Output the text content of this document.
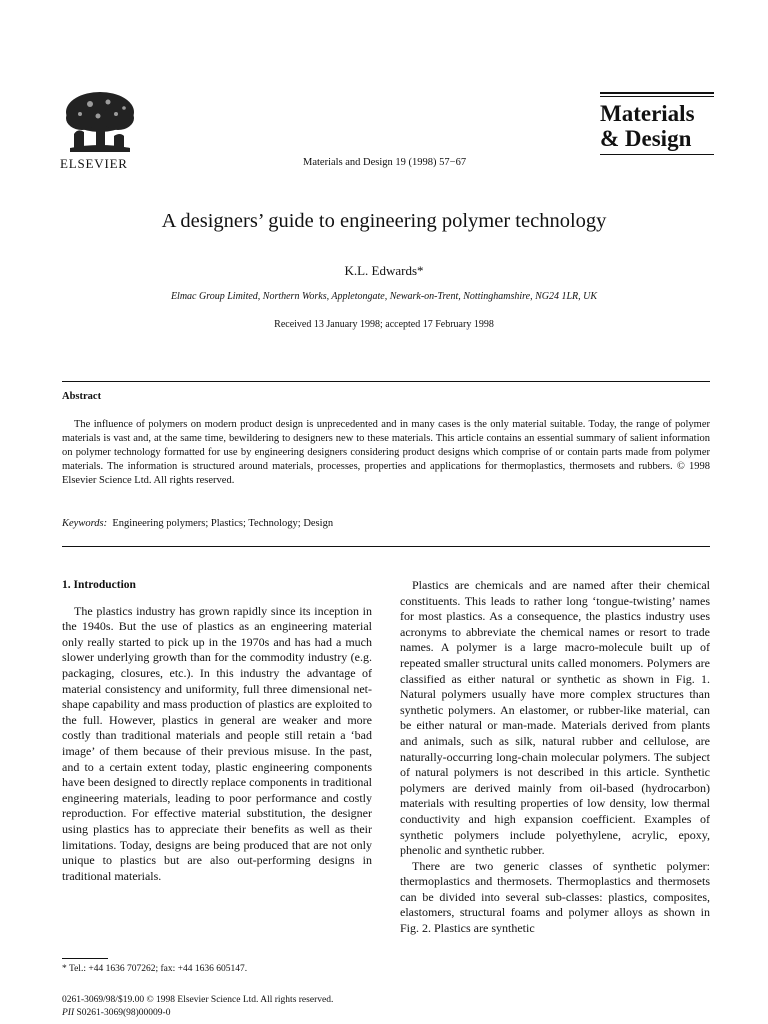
ELSEVIER	Materials and Design 19 (1998) 57−67
Materials
& Design
A designers’ guide to engineering polymer technology
K.L. Edwards*
Elmac Group Limited, Northern Works, Appletongate, Newark-on-Trent, Nottinghamshire, NG24 1LR, UK
Received 13 January 1998; accepted 17 February 1998
Abstract
The influence of polymers on modern product design is unprecedented and in many cases is the only material suitable. Today, the range of polymer materials is vast and, at the same time, bewildering to designers new to these materials. This article contains an essential summary of salient information on polymer technology formatted for use by engineering designers considering product designs which comprise of or contain parts made from polymer materials. The information is structured around materials, processes, properties and applications for thermoplastics, thermosets and rubbers. © 1998 Elsevier Science Ltd. All rights reserved.
Keywords: Engineering polymers; Plastics; Technology; Design
1. Introduction

The plastics industry has grown rapidly since its inception in the 1940s. But the use of plastics as an engineering material only really started to pick up in the 1970s and has had a much slower underlying growth than for the commodity industry (e.g. packaging, closures, etc.). In this industry the advantage of material consistency and uniformity, full three dimensional net-shape capability and mass production of plastics are exploited to the full. However, plastics in general are weaker and more costly than traditional materials and people still retain a ‘bad image’ of them because of their previous misuse. In the past, and to a certain extent today, plastic engineering components have been designed to directly replace components in traditional engineering materials, leading to poor performance and costly reproduction. For effective material substitution, the designer using plastics has to appreciate their benefits as well as their limitations. Today, designs are being produced that are not only unique to plastics but are also out-performing designs in traditional materials.

Plastics are chemicals and are named after their chemical constituents. This leads to rather long ‘tongue-twisting’ names for most plastics. As a consequence, the plastics industry uses acronyms to abbreviate the chemical names or resort to trade names. A polymer is a large macro-molecule built up of repeated smaller structural units called monomers. Polymers are classified as either natural or synthetic as shown in Fig. 1. Natural polymers usually have more complex structures than synthetic polymers. An elastomer, or rubber-like material, can be either natural or man-made. Materials derived from plants and animals, such as silk, natural rubber and cellulose, are naturally-occurring long-chain molecular polymers. The subject of natural polymers is not described in this article. Synthetic polymers are derived mainly from oil-based (hydrocarbon) materials with resulting properties of low density, low thermal conductivity and high expansion coefficient. Examples of synthetic polymers include polyethylene, acrylic, epoxy, phenolic and synthetic rubber.

There are two generic classes of synthetic polymer: thermoplastics and thermosets. Thermoplastics and thermosets can be divided into several sub-classes: plastics, composites, elastomers, structural foams and polymer alloys as shown in Fig. 2. Plastics are synthetic

* Tel.: +44 1636 707262; fax: +44 1636 605147.
0261-3069/98/$19.00 © 1998 Elsevier Science Ltd. All rights reserved.
PII S0261-3069(98)00009-0
